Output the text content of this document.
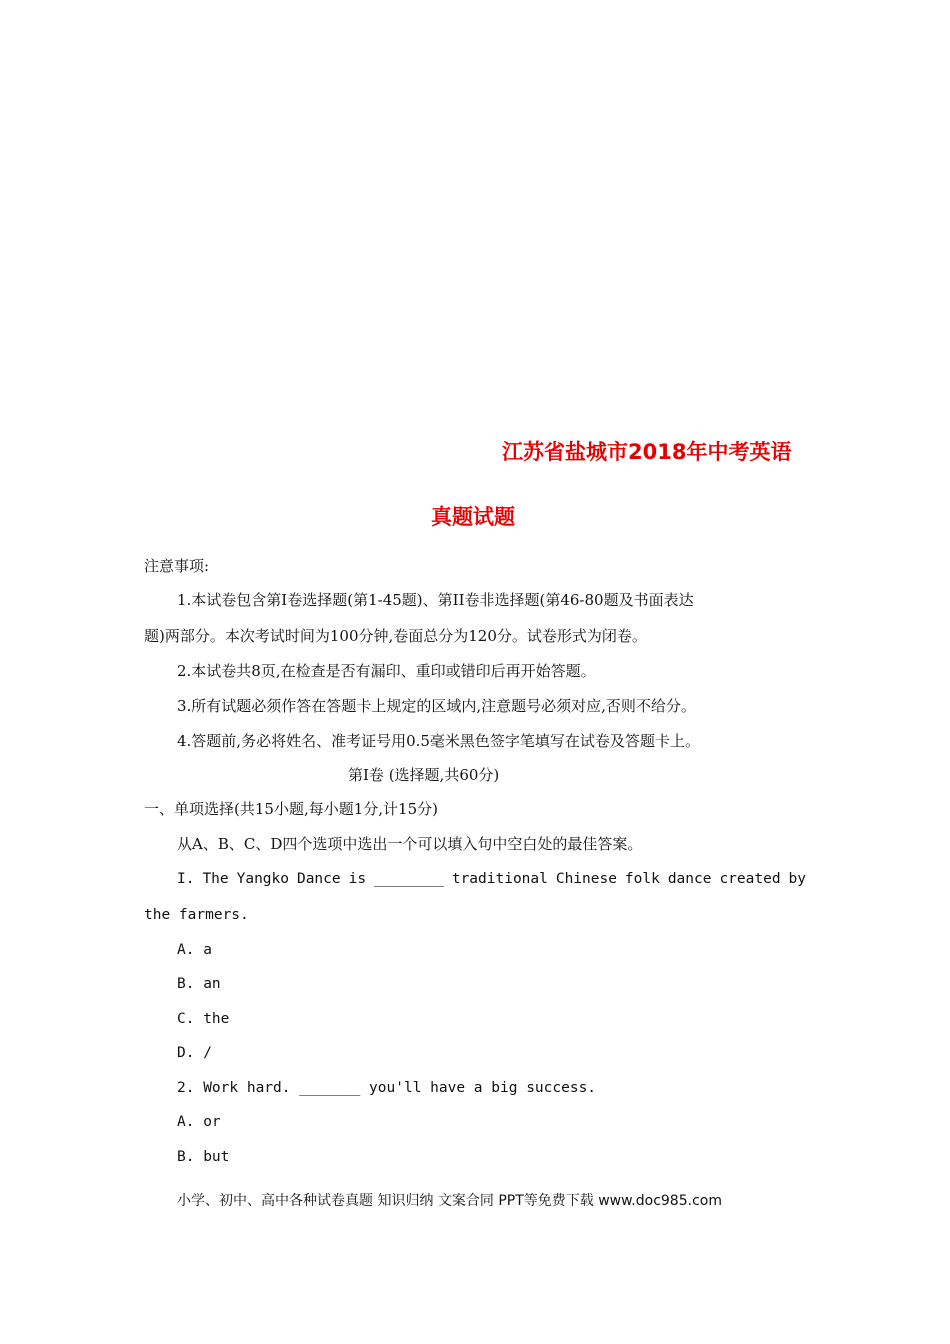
江苏省盐城市2018年中考英语
真题试题
注意事项:
1.本试卷包含第I卷选择题(第1-45题)、第II卷非选择题(第46-80题及书面表达
题)两部分。本次考试时间为100分钟,卷面总分为120分。试卷形式为闭卷。
2.本试卷共8页,在检查是否有漏印、重印或错印后再开始答题。
3.所有试题必须作答在答题卡上规定的区域内,注意题号必须对应,否则不给分。
4.答题前,务必将姓名、准考证号用0.5毫米黑色签字笔填写在试卷及答题卡上。
第I卷 (选择题,共60分)
一、单项选择(共15小题,每小题1分,计15分)
从A、B、C、D四个选项中选出一个可以填入句中空白处的最佳答案。
I. The Yangko Dance is ________ traditional Chinese folk dance created by
the farmers.
A. a
B. an
C. the
D. /
2. Work hard. _______ you'll have a big success.
A. or
B. but
小学、初中、高中各种试卷真题 知识归纳 文案合同 PPT等免费下载 www.doc985.com
